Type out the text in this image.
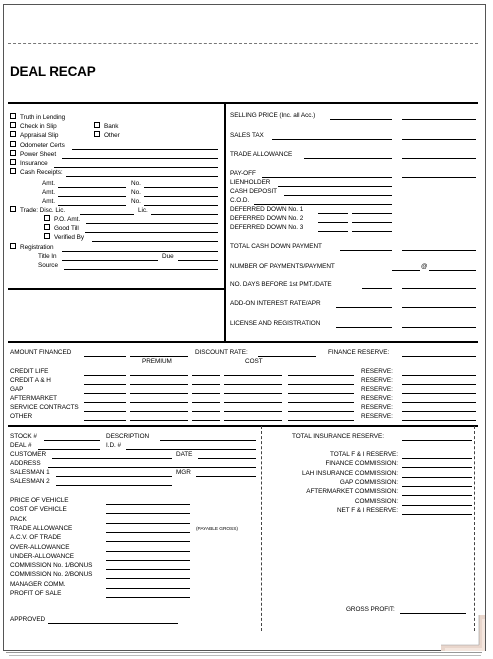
DEAL RECAP
Truth in Lending
Check in Slip	Bank
Appraisal Slip	Other
Odometer Certs
Power Sheet
Insurance
Cash Receipts:
Amt.	No.
Amt.	No.
Amt.	No.
Trade: Disc. Lic.	Lic.
P.O. Amt.
Good Till
Verified By
Registration
Title In	Due
Source
SELLING PRICE (Inc. all Acc.)
SALES TAX
TRADE ALLOWANCE
PAY-OFF
LIENHOLDER
CASH DEPOSIT
C.O.D.
DEFERRED DOWN No. 1
DEFERRED DOWN No. 2
DEFERRED DOWN No. 3
TOTAL CASH DOWN PAYMENT
NUMBER OF PAYMENTS/PAYMENT	@
NO. DAYS BEFORE 1st PMT./DATE
ADD-ON INTEREST RATE/APR
LICENSE AND REGISTRATION
AMOUNT FINANCED	DISCOUNT RATE:	FINANCE RESERVE:
PREMIUM	COST
CREDIT LIFE	RESERVE:
CREDIT A & H	RESERVE:
GAP	RESERVE:
AFTERMARKET	RESERVE:
SERVICE CONTRACTS	RESERVE:
OTHER	RESERVE:
STOCK #	DESCRIPTION
DEAL #	I.D. #
CUSTOMER	DATE
ADDRESS
SALESMAN 1	MGR
SALESMAN 2
PRICE OF VEHICLE
COST OF VEHICLE
PACK
TRADE ALLOWANCE
A.C.V. OF TRADE
OVER-ALLOWANCE
UNDER-ALLOWANCE
COMMISSION No. 1/BONUS
COMMISSION No. 2/BONUS
MANAGER COMM.
PROFIT OF SALE
(PAYABLE GROSS)
APPROVED
TOTAL INSURANCE RESERVE:
TOTAL F & I RESERVE:
FINANCE COMMISSION:
LAH INSURANCE COMMISSION:
GAP COMMISSION:
AFTERMARKET COMMISSION:
COMMISSION:
NET F & I RESERVE:
GROSS PROFIT:
